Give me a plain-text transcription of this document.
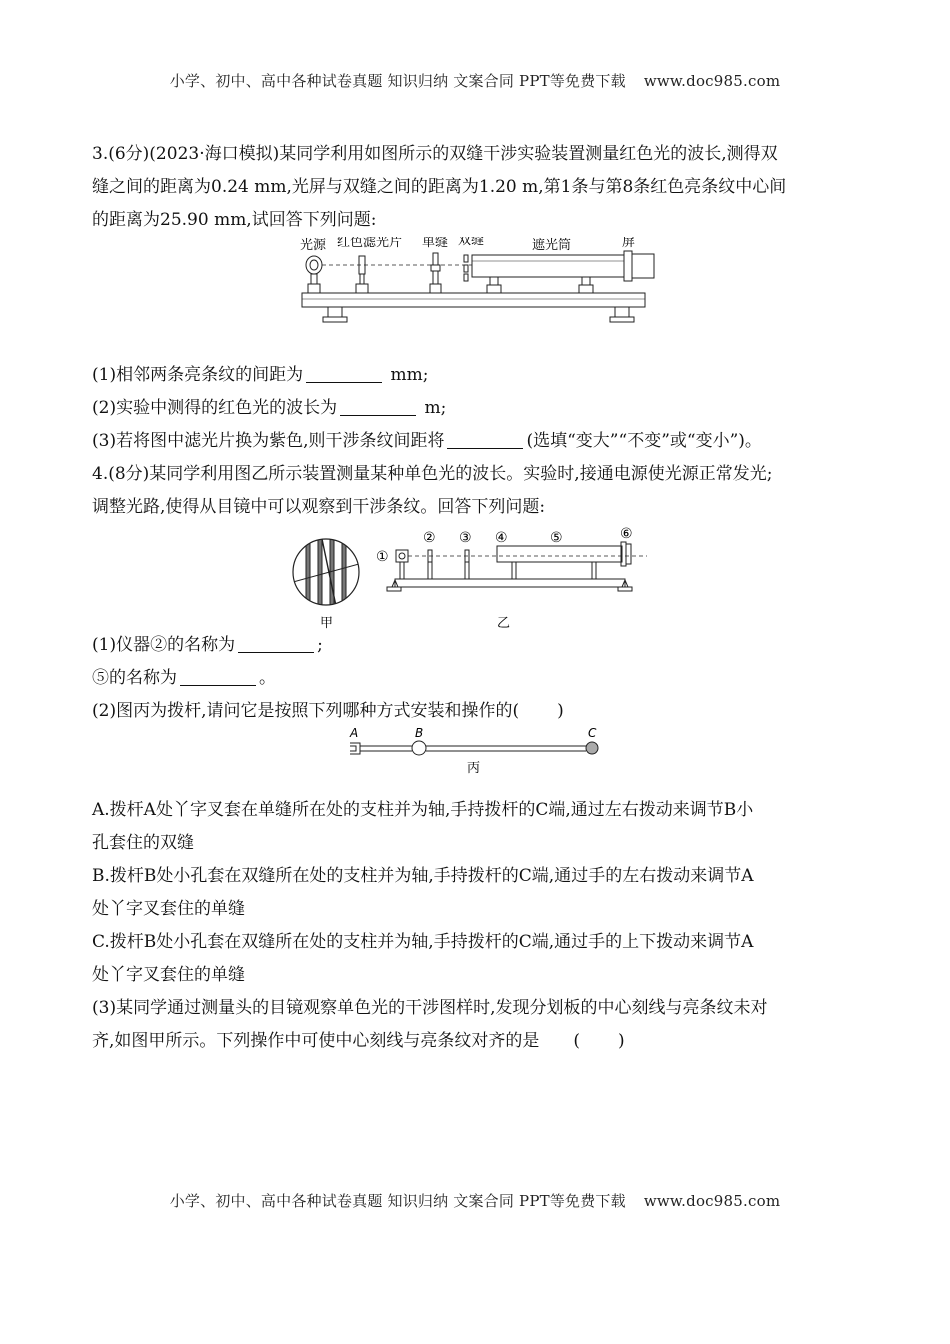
小学、初中、高中各种试卷真题 知识归纳 文案合同 PPT等免费下载 www.doc985.com
3.(6分)(2023·海口模拟)某同学利用如图所示的双缝干涉实验装置测量红色光的波长,测得双
缝之间的距离为0.24 mm,光屏与双缝之间的距离为1.20 m,第1条与第8条红色亮条纹中心间
的距离为25.90 mm,试回答下列问题:
光源 红色滤光片 单缝 双缝	遮光筒	屏
(1)相邻两条亮条纹的间距为	mm;
(2)实验中测得的红色光的波长为	m;
(3)若将图中滤光片换为紫色,则干涉条纹间距将	(选填“变大”“不变”或“变小”)。
4.(8分)某同学利用图乙所示装置测量某种单色光的波长。实验时,接通电源使光源正常发光;
调整光路,使得从目镜中可以观察到干涉条纹。回答下列问题:
甲
①
② ③ ④	⑤	⑥
乙
(1)仪器②的名称为	;
⑤的名称为	。
(2)图丙为拨杆,请问它是按照下列哪种方式安装和操作的( )
A	B	C
丙
A.拨杆A处丫字叉套在单缝所在处的支柱并为轴,手持拨杆的C端,通过左右拨动来调节B小
孔套住的双缝
B.拨杆B处小孔套在双缝所在处的支柱并为轴,手持拨杆的C端,通过手的左右拨动来调节A
处丫字叉套住的单缝
C.拨杆B处小孔套在双缝所在处的支柱并为轴,手持拨杆的C端,通过手的上下拨动来调节A
处丫字叉套住的单缝
(3)某同学通过测量头的目镜观察单色光的干涉图样时,发现分划板的中心刻线与亮条纹未对
齐,如图甲所示。下列操作中可使中心刻线与亮条纹对齐的是 ( )
小学、初中、高中各种试卷真题 知识归纳 文案合同 PPT等免费下载 www.doc985.com
